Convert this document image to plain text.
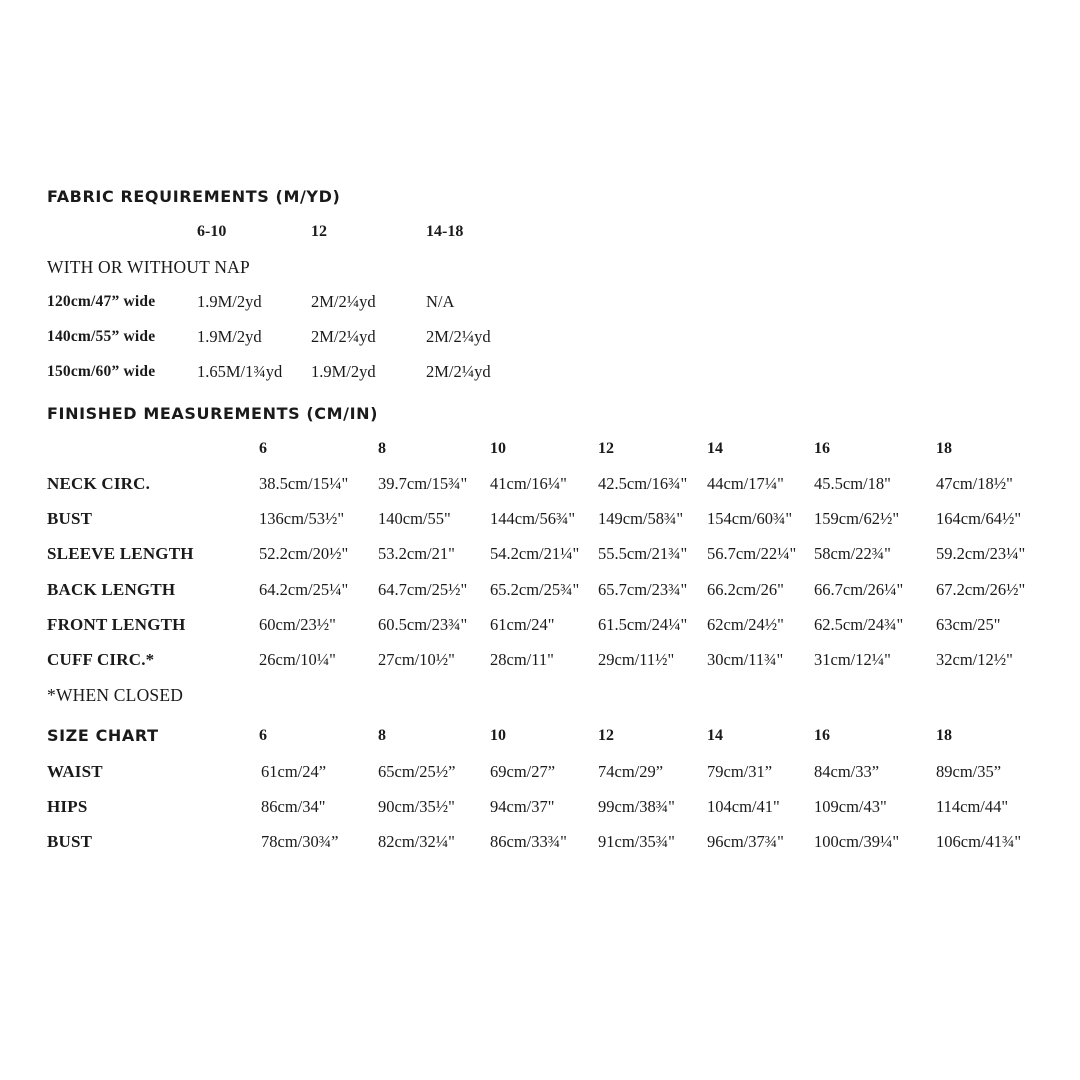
FABRIC REQUIREMENTS (M/YD)
6-10	12	14-18
WITH OR WITHOUT NAP
120cm/47” wide	1.9M/2yd	2M/2¼yd	N/A
140cm/55” wide	1.9M/2yd	2M/2¼yd	2M/2¼yd
150cm/60” wide	1.65M/1¾yd 1.9M/2yd	2M/2¼yd
FINISHED MEASUREMENTS (CM/IN)
6	8	10	12	14	16	18
NECK CIRC.	38.5cm/15¼" 39.7cm/15¾" 41cm/16¼" 42.5cm/16¾" 44cm/17¼" 45.5cm/18"	47cm/18½"
BUST	136cm/53½" 140cm/55" 144cm/56¾" 149cm/58¾" 154cm/60¾" 159cm/62½" 164cm/64½"
SLEEVE LENGTH	52.2cm/20½" 53.2cm/21" 54.2cm/21¼" 55.5cm/21¾" 56.7cm/22¼" 58cm/22¾"	59.2cm/23¼"
BACK LENGTH	64.2cm/25¼" 64.7cm/25½" 65.2cm/25¾" 65.7cm/23¾" 66.2cm/26" 66.7cm/26¼" 67.2cm/26½"
FRONT LENGTH	60cm/23½"	60.5cm/23¾" 61cm/24"	61.5cm/24¼" 62cm/24½" 62.5cm/24¾" 63cm/25"
CUFF CIRC.*	26cm/10¼"	27cm/10½" 28cm/11"	29cm/11½" 30cm/11¾" 31cm/12¼"	32cm/12½"
*WHEN CLOSED
SIZE CHART	6	8	10	12	14	16	18
WAIST	61cm/24”	65cm/25½” 69cm/27”	74cm/29”	79cm/31”	84cm/33”	89cm/35”
HIPS	86cm/34"	90cm/35½" 94cm/37"	99cm/38¾" 104cm/41" 109cm/43"	114cm/44"
BUST	78cm/30¾” 82cm/32¼" 86cm/33¾" 91cm/35¾" 96cm/37¾" 100cm/39¼" 106cm/41¾"
